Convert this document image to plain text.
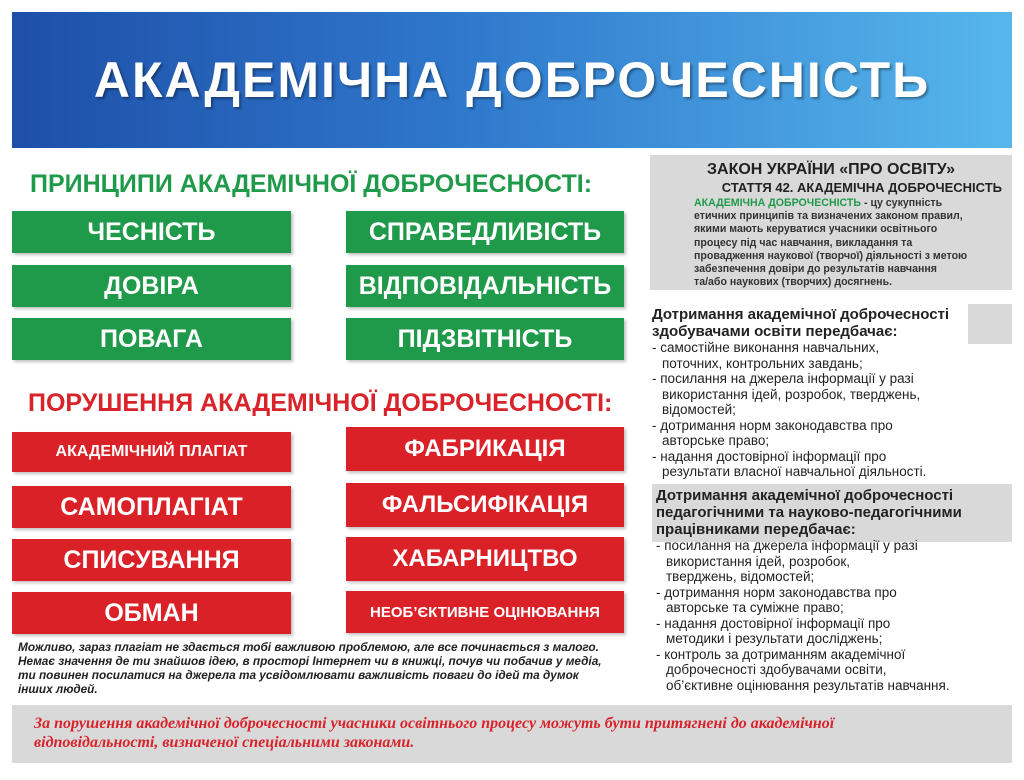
АКАДЕМІЧНА ДОБРОЧЕСНІСТЬ
ПРИНЦИПИ АКАДЕМІЧНОЇ ДОБРОЧЕСНОСТІ:
ЧЕСНІСТЬ	СПРАВЕДЛИВІСТЬ
ДОВІРА	ВІДПОВІДАЛЬНІСТЬ
ПОВАГА	ПІДЗВІТНІСТЬ
ПОРУШЕННЯ АКАДЕМІЧНОЇ ДОБРОЧЕСНОСТІ:
АКАДЕМІЧНИЙ ПЛАГІАТ	ФАБРИКАЦІЯ
САМОПЛАГІАТ	ФАЛЬСИФІКАЦІЯ
СПИСУВАННЯ	ХАБАРНИЦТВО
ОБМАН	НЕОБ’ЄКТИВНЕ ОЦІНЮВАННЯ
ЗАКОН УКРАЇНИ «ПРО ОСВІТУ»
СТАТТЯ 42. АКАДЕМІЧНА ДОБРОЧЕСНІСТЬ
АКАДЕМІЧНА ДОБРОЧЕСНІСТЬ - цу сукупність
етичних принципів та визначених законом правил,
якими мають керуватися учасники освітнього
процесу під час навчання, викладання та
провадження наукової (творчої) діяльності з метою
забезпечення довіри до результатів навчання
та/або наукових (творчих) досягнень.
Дотримання академічної доброчесності
здобувачами освіти передбачає:
- самостійне виконання навчальних,
поточних, контрольних завдань;
- посилання на джерела інформації у разі
використання ідей, розробок, тверджень,
відомостей;
- дотримання норм законодавства про
авторське право;
- надання достовірної інформації про
результати власної навчальної діяльності.
Дотримання академічної доброчесності
педагогічними та науково-педагогічними
працівниками передбачає:
- посилання на джерела інформації у разі
використання ідей, розробок,
тверджень, відомостей;
- дотримання норм законодавства про
авторське та суміжне право;
- надання достовірної інформації про
методики і результати досліджень;
- контроль за дотриманням академічної
доброчесності здобувачами освіти,
об’єктивне оцінювання результатів навчання.
Можливо, зараз плагіат не здається тобі важливою проблемою, але все починається з малого.
Немає значення де ти знайшов ідею, в просторі Інтернет чи в книжці, почув чи побачив у медіа,
ти повинен посилатися на джерела та усвідомлювати важливість поваги до ідей та думок
інших людей.
За порушення академічної доброчесності учасники освітнього процесу можуть бути притягнені до академічної
відповідальності, визначеної спеціальними законами.
